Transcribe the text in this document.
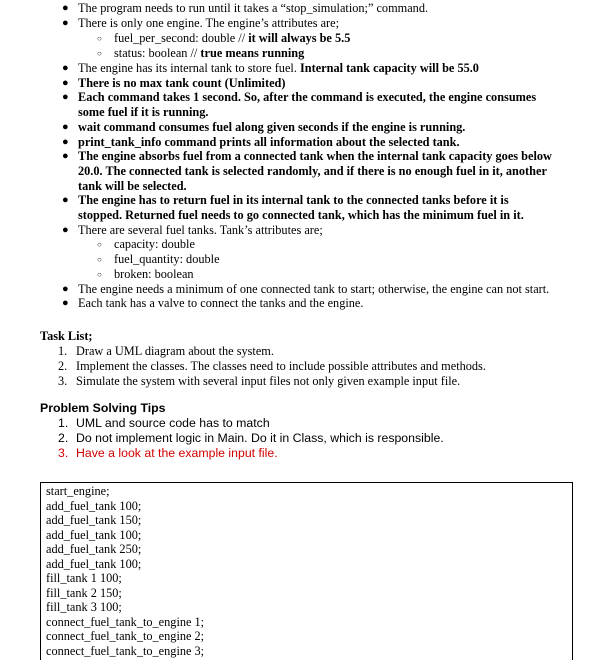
● The program needs to run until it takes a “stop_simulation;” command.
● There is only one engine. The engine’s attributes are;
○ fuel_per_second: double // it will always be 5.5
○ status: boolean // true means running
● The engine has its internal tank to store fuel. Internal tank capacity will be 55.0
● There is no max tank count (Unlimited)
● Each command takes 1 second. So, after the command is executed, the engine consumes
some fuel if it is running.
● wait command consumes fuel along given seconds if the engine is running.
● print_tank_info command prints all information about the selected tank.
● The engine absorbs fuel from a connected tank when the internal tank capacity goes below
20.0. The connected tank is selected randomly, and if there is no enough fuel in it, another
tank will be selected.
● The engine has to return fuel in its internal tank to the connected tanks before it is
stopped. Returned fuel needs to go connected tank, which has the minimum fuel in it.
● There are several fuel tanks. Tank’s attributes are;
○ capacity: double
○ fuel_quantity: double
○ broken: boolean
● The engine needs a minimum of one connected tank to start; otherwise, the engine can not start.
● Each tank has a valve to connect the tanks and the engine.
Task List;
1. Draw a UML diagram about the system.
2. Implement the classes. The classes need to include possible attributes and methods.
3. Simulate the system with several input files not only given example input file.
Problem Solving Tips
1. UML and source code has to match
2. Do not implement logic in Main. Do it in Class, which is responsible.
3. Have a look at the example input file.
start_engine;
add_fuel_tank 100;
add_fuel_tank 150;
add_fuel_tank 100;
add_fuel_tank 250;
add_fuel_tank 100;
fill_tank 1 100;
fill_tank 2 150;
fill_tank 3 100;
connect_fuel_tank_to_engine 1;
connect_fuel_tank_to_engine 2;
connect_fuel_tank_to_engine 3;
